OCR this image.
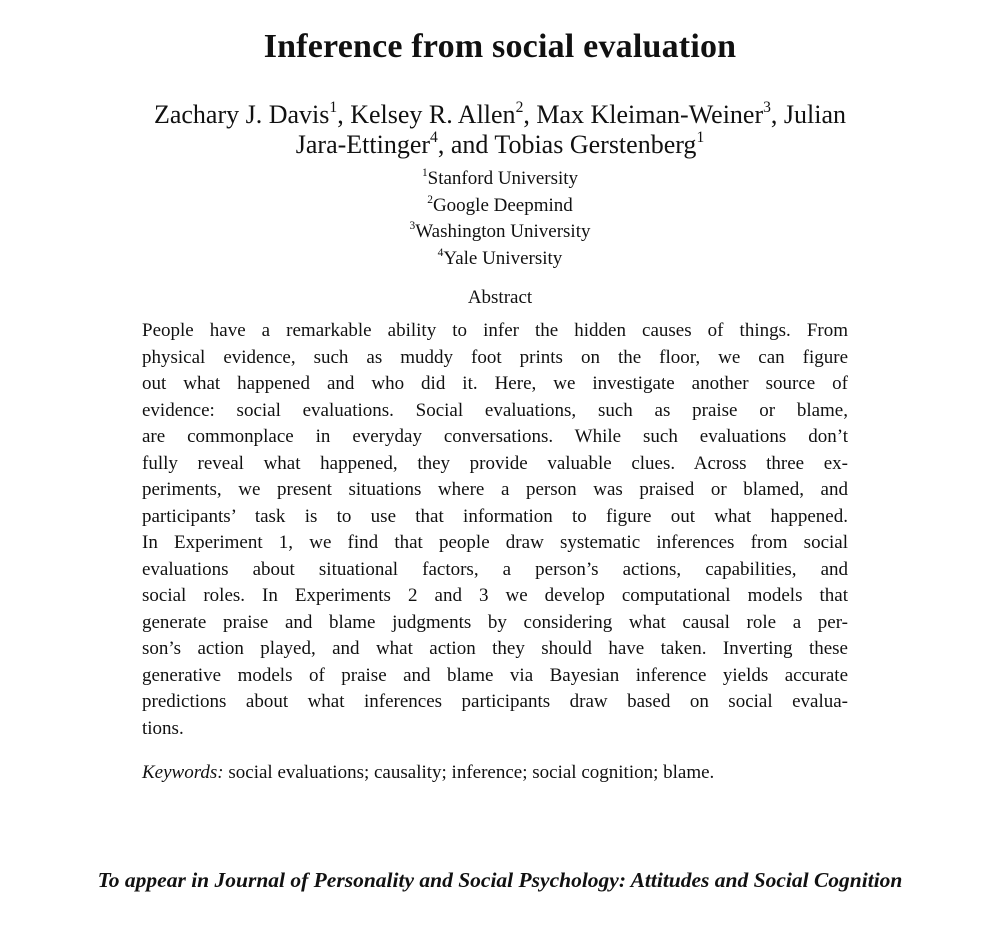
Inference from social evaluation
Zachary J. Davis$^1$, Kelsey R. Allen$^2$, Max Kleiman-Weiner$^3$, Julian
Jara-Ettinger$^4$, and Tobias Gerstenberg$^1$
$^1$Stanford University
$^2$Google Deepmind
$^3$Washington University
$^4$Yale University
Abstract
People have a remarkable ability to infer the hidden causes of things. From
physical evidence, such as muddy foot prints on the floor, we can figure
out what happened and who did it. Here, we investigate another source of
evidence: social evaluations. Social evaluations, such as praise or blame,
are commonplace in everyday conversations. While such evaluations don’t
fully reveal what happened, they provide valuable clues. Across three ex-
periments, we present situations where a person was praised or blamed, and
participants’ task is to use that information to figure out what happened.
In Experiment 1, we find that people draw systematic inferences from social
evaluations about situational factors, a person’s actions, capabilities, and
social roles. In Experiments 2 and 3 we develop computational models that
generate praise and blame judgments by considering what causal role a per-
son’s action played, and what action they should have taken. Inverting these
generative models of praise and blame via Bayesian inference yields accurate
predictions about what inferences participants draw based on social evalua-
tions.
Keywords: social evaluations; causality; inference; social cognition; blame.
To appear in Journal of Personality and Social Psychology: Attitudes and Social Cognition
